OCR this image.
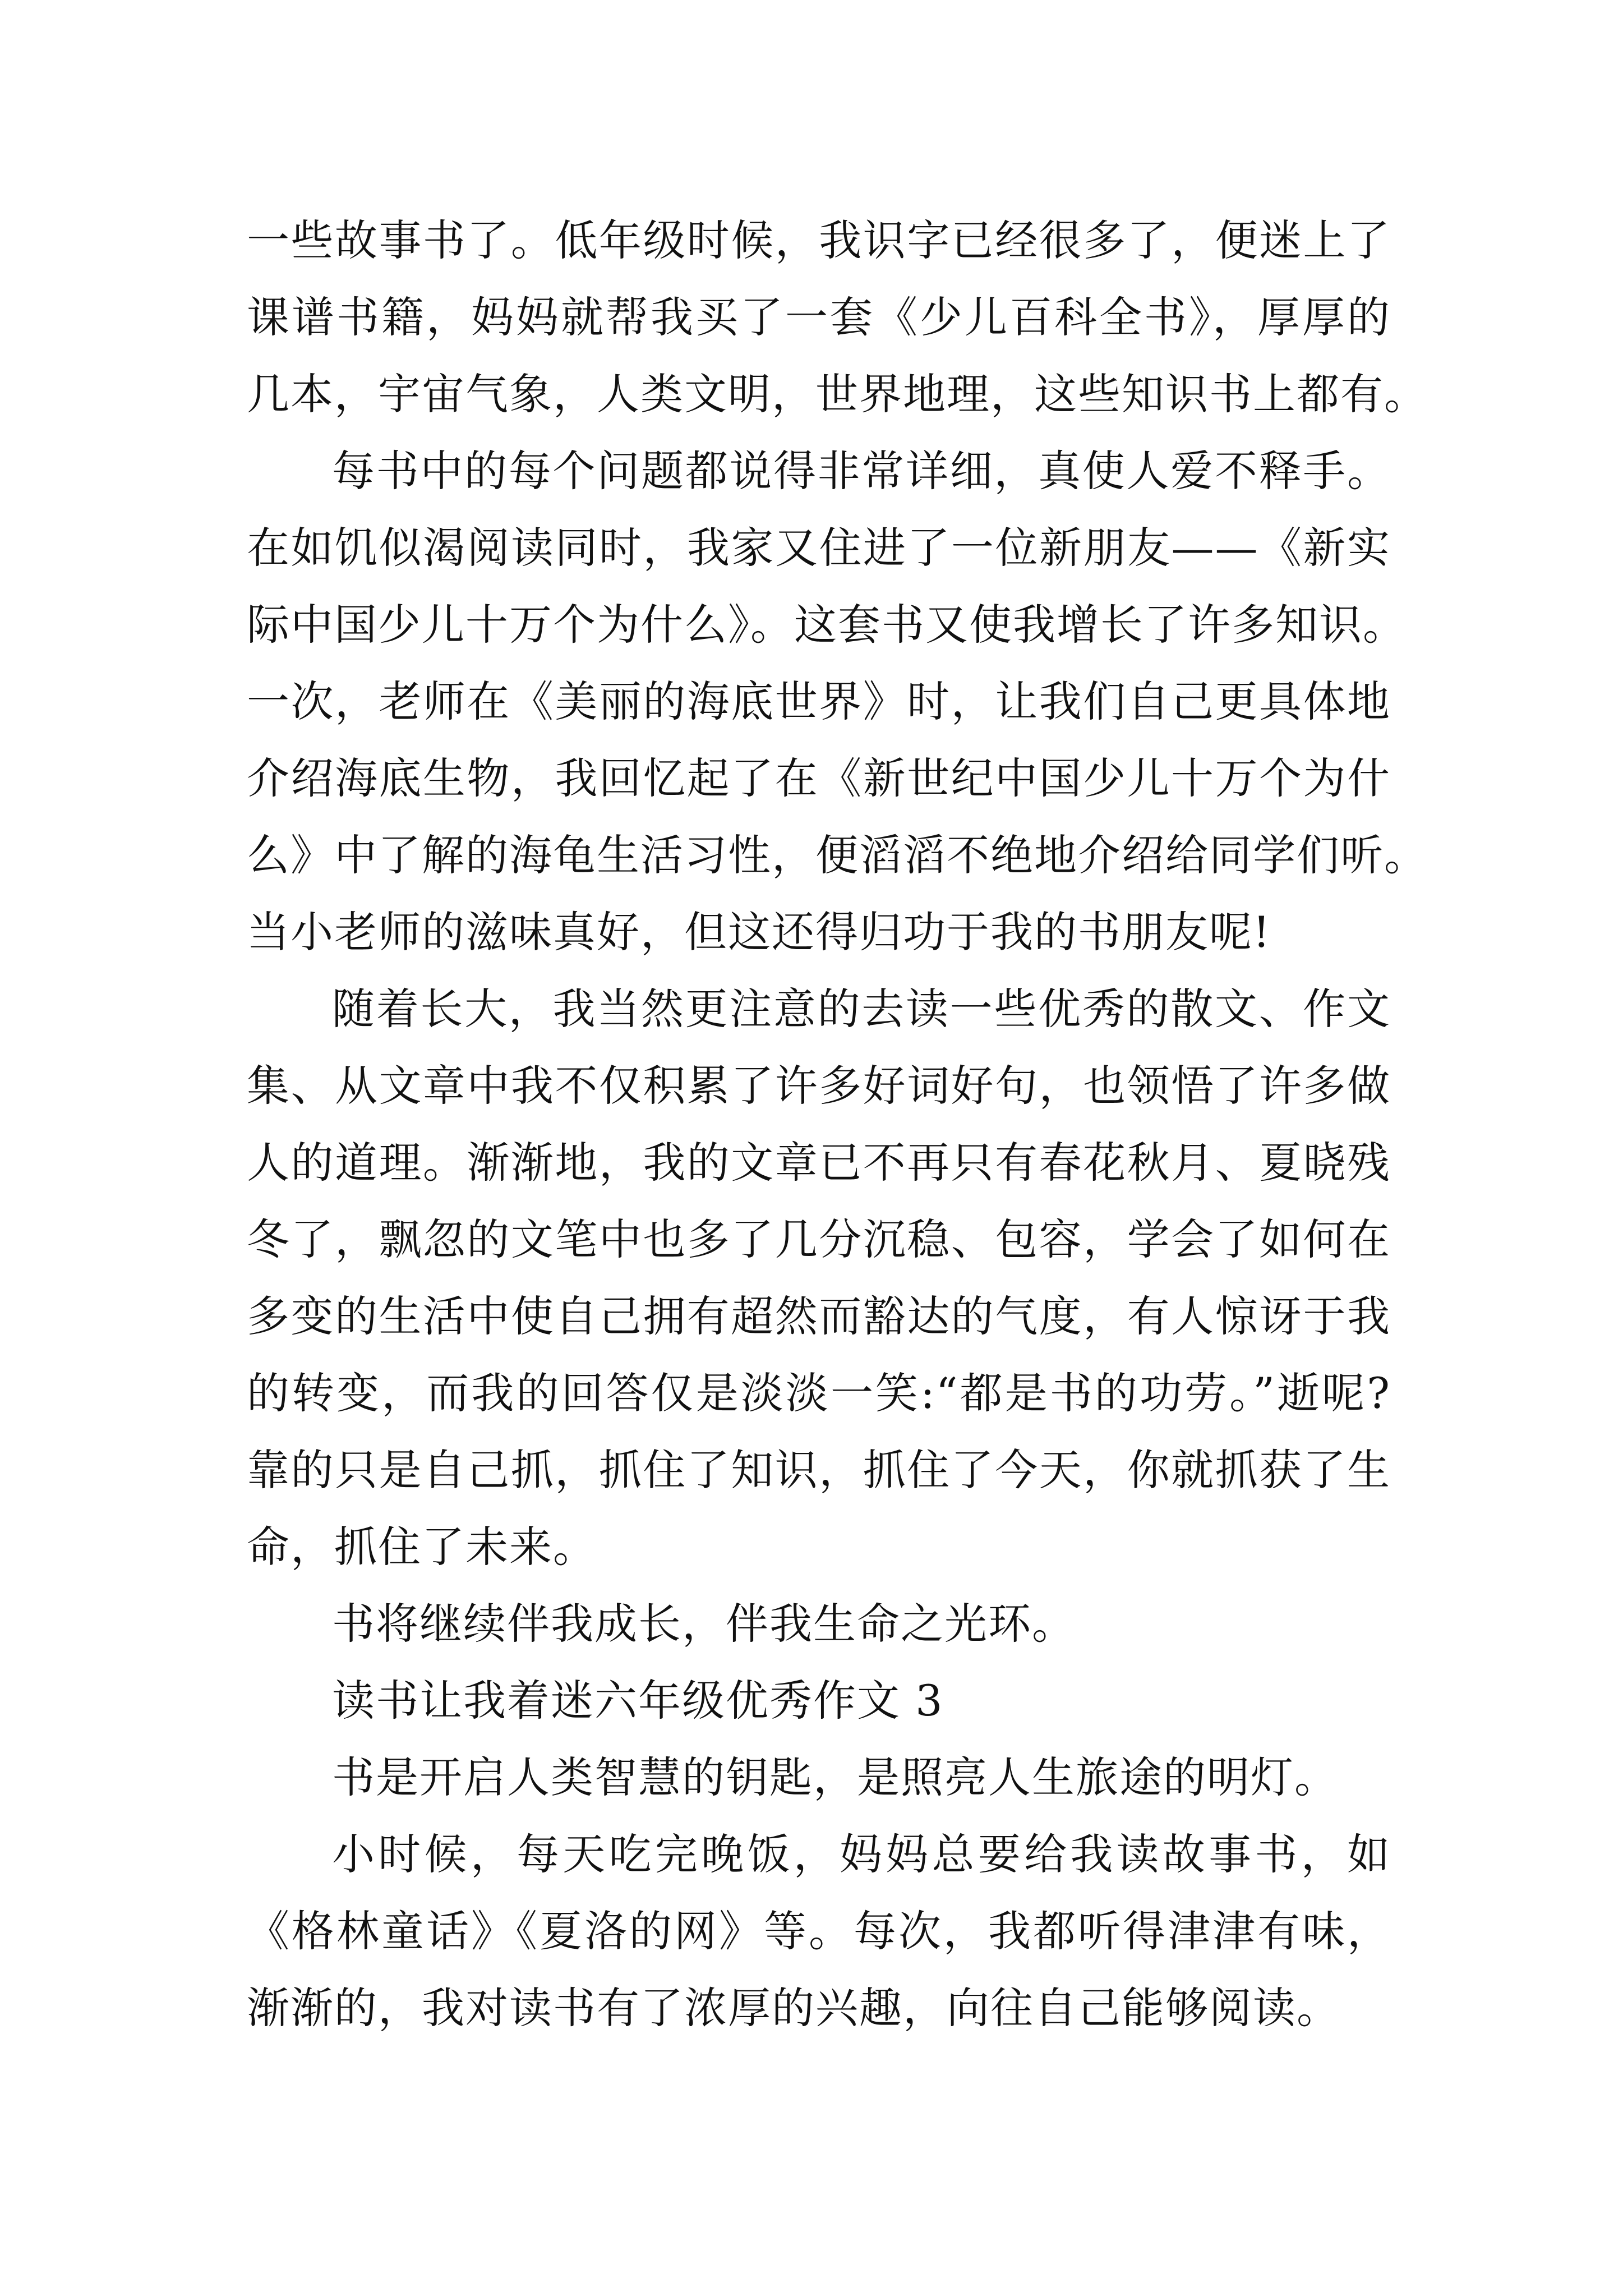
一些故事书了。低年级时候，我识字已经很多了，便迷上了
课谱书籍，妈妈就帮我买了一套《少儿百科全书》，厚厚的
几本，宇宙气象，人类文明，世界地理，这些知识书上都有。
每书中的每个问题都说得非常详细，真使人爱不释手。
在如饥似渴阅读同时，我家又住进了一位新朋友——《新实
际中国少儿十万个为什么》。这套书又使我增长了许多知识。
一次，老师在《美丽的海底世界》时，让我们自己更具体地
介绍海底生物，我回忆起了在《新世纪中国少儿十万个为什
么》中了解的海龟生活习性，便滔滔不绝地介绍给同学们听。
当小老师的滋味真好，但这还得归功于我的书朋友呢!
随着长大，我当然更注意的去读一些优秀的散文、作文
集、从文章中我不仅积累了许多好词好句，也领悟了许多做
人的道理。渐渐地，我的文章已不再只有春花秋月、夏晓残
冬了，飘忽的文笔中也多了几分沉稳、包容，学会了如何在
多变的生活中使自己拥有超然而豁达的气度，有人惊讶于我
的转变，而我的回答仅是淡淡一笑:“都是书的功劳。”逝呢?
靠的只是自己抓，抓住了知识，抓住了今天，你就抓获了生
命，抓住了未来。
书将继续伴我成长，伴我生命之光环。
读书让我着迷六年级优秀作文 3
书是开启人类智慧的钥匙，是照亮人生旅途的明灯。
小时候，每天吃完晚饭，妈妈总要给我读故事书，如
《格林童话》《夏洛的网》等。每次，我都听得津津有味，
渐渐的，我对读书有了浓厚的兴趣，向往自己能够阅读。
